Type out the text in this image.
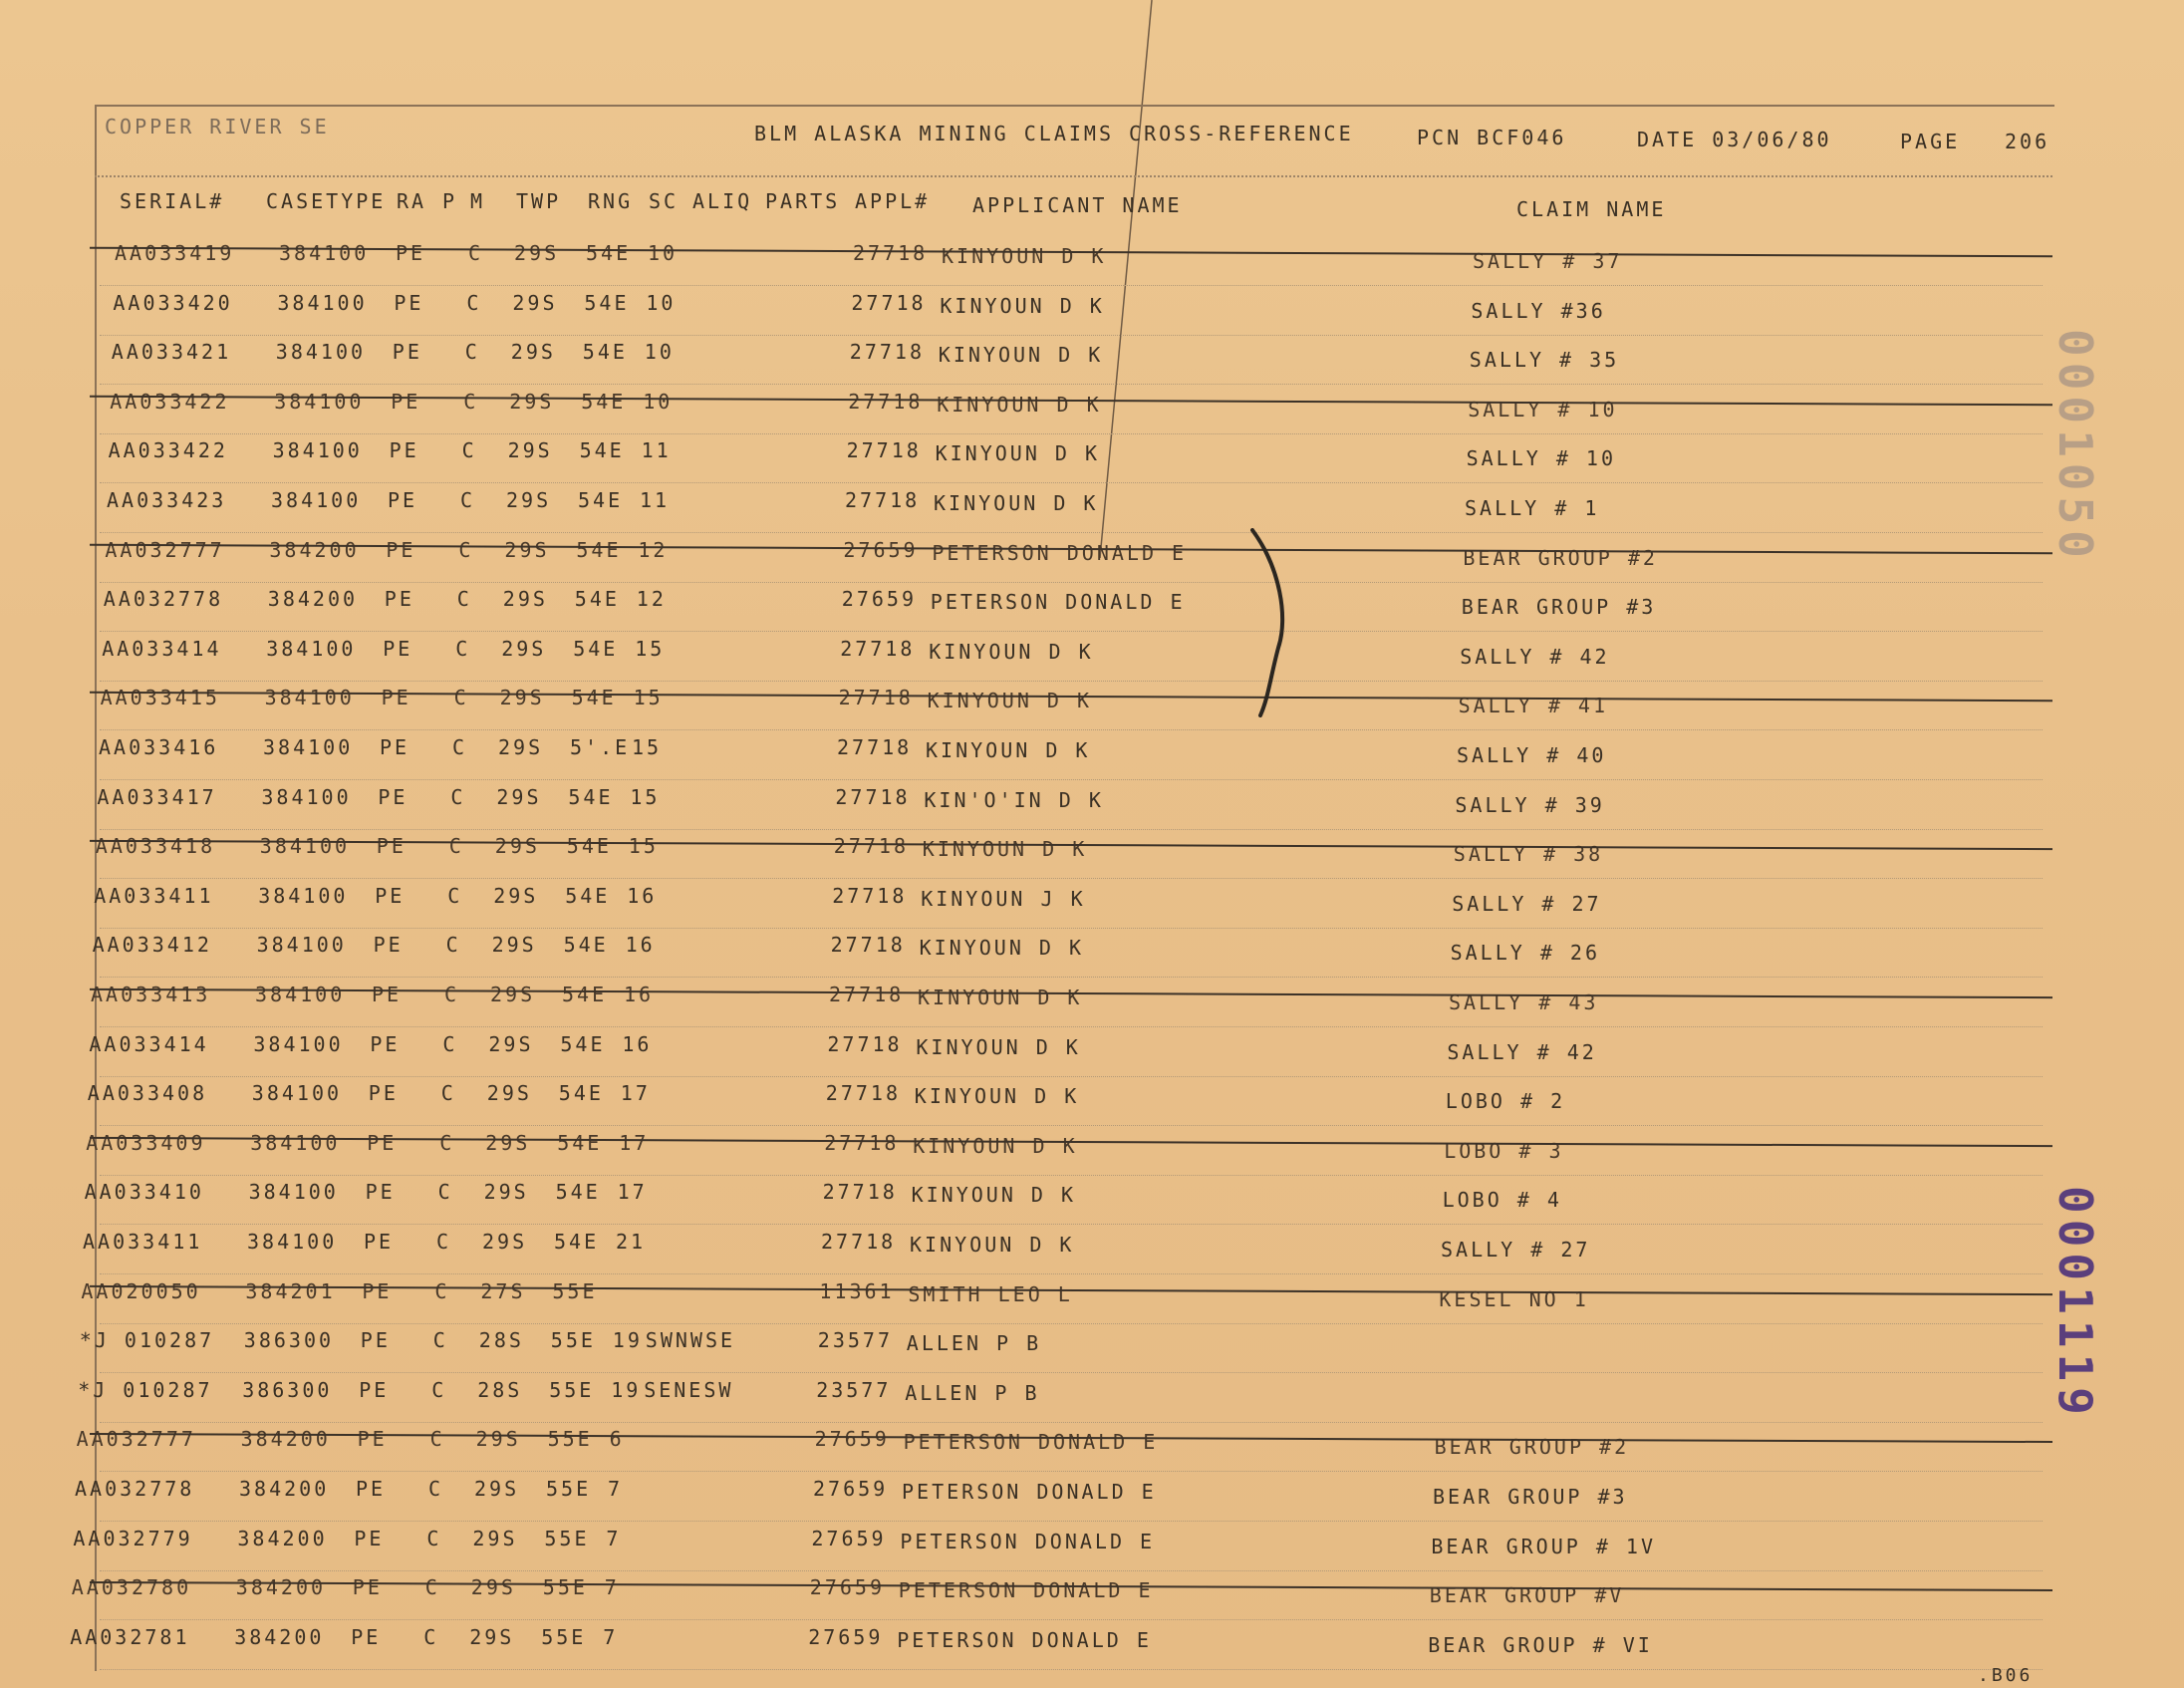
COPPER RIVER SE	BLM ALASKA MINING CLAIMS CROSS-REFERENCE	PCN BCF046	DATE 03/06/80	PAGE 206
SERIAL# CASETYPE RA P M TWP RNG SC ALIQ PARTS APPL# APPLICANT NAME	CLAIM NAME
AA033419 384100 PE C 29S 54E 10	27718 KINYOUN D K	SALLY # 37
AA033420 384100 PE C 29S 54E 10	27718 KINYOUN D K	SALLY #36
AA033421 384100 PE C 29S 54E 10	27718 KINYOUN D K	SALLY # 35
AA033422 384100 PE C 29S 54E 10	27718 KINYOUN D K	SALLY # 10
AA033422 384100 PE C 29S 54E 11	27718 KINYOUN D K	SALLY # 10
AA033423 384100 PE C 29S 54E 11	27718 KINYOUN D K	SALLY # 1
AA032777 384200 PE C 29S 54E 12	27659 PETERSON DONALD E	BEAR GROUP #2
AA032778 384200 PE C 29S 54E 12	27659 PETERSON DONALD E	BEAR GROUP #3
AA033414 384100 PE C 29S 54E 15	27718 KINYOUN D K	SALLY # 42
AA033415 384100 PE C 29S 54E 15	27718 KINYOUN D K	SALLY # 41
AA033416 384100 PE C 29S 5'.E 15	27718 KINYOUN D K	SALLY # 40
AA033417 384100 PE C 29S 54E 15	27718 KIN'O'IN D K	SALLY # 39
AA033418 384100 PE C 29S 54E 15	27718 KINYOUN D K	SALLY # 38
AA033411 384100 PE C 29S 54E 16	27718 KINYOUN J K	SALLY # 27
AA033412 384100 PE C 29S 54E 16	27718 KINYOUN D K	SALLY # 26
AA033413 384100 PE C 29S 54E 16	27718 KINYOUN D K	SALLY # 43
AA033414 384100 PE C 29S 54E 16	27718 KINYOUN D K	SALLY # 42
AA033408 384100 PE C 29S 54E 17	27718 KINYOUN D K	LOBO # 2
AA033409 384100 PE C 29S 54E 17	27718 KINYOUN D K	LOBO # 3
AA033410 384100 PE C 29S 54E 17	27718 KINYOUN D K	LOBO # 4
AA033411 384100 PE C 29S 54E 21	27718 KINYOUN D K	SALLY # 27
AA020050 384201 PE C 27S 55E	11361 SMITH LEO L	KESEL NO 1
*J 010287 386300 PE C 28S 55E 19 SWNWSE	23577 ALLEN P B
*J 010287 386300 PE C 28S 55E 19 SENESW	23577 ALLEN P B
AA032777 384200 PE C 29S 55E 6	27659 PETERSON DONALD E	BEAR GROUP #2
AA032778 384200 PE C 29S 55E 7	27659 PETERSON DONALD E	BEAR GROUP #3
AA032779 384200 PE C 29S 55E 7	27659 PETERSON DONALD E	BEAR GROUP # 1V
AA032780 384200 PE C 29S 55E 7	27659 PETERSON DONALD E	BEAR GROUP #V
AA032781 384200 PE C 29S 55E 7	27659 PETERSON DONALD E	BEAR GROUP # VI
.B06
0001050
0001119
